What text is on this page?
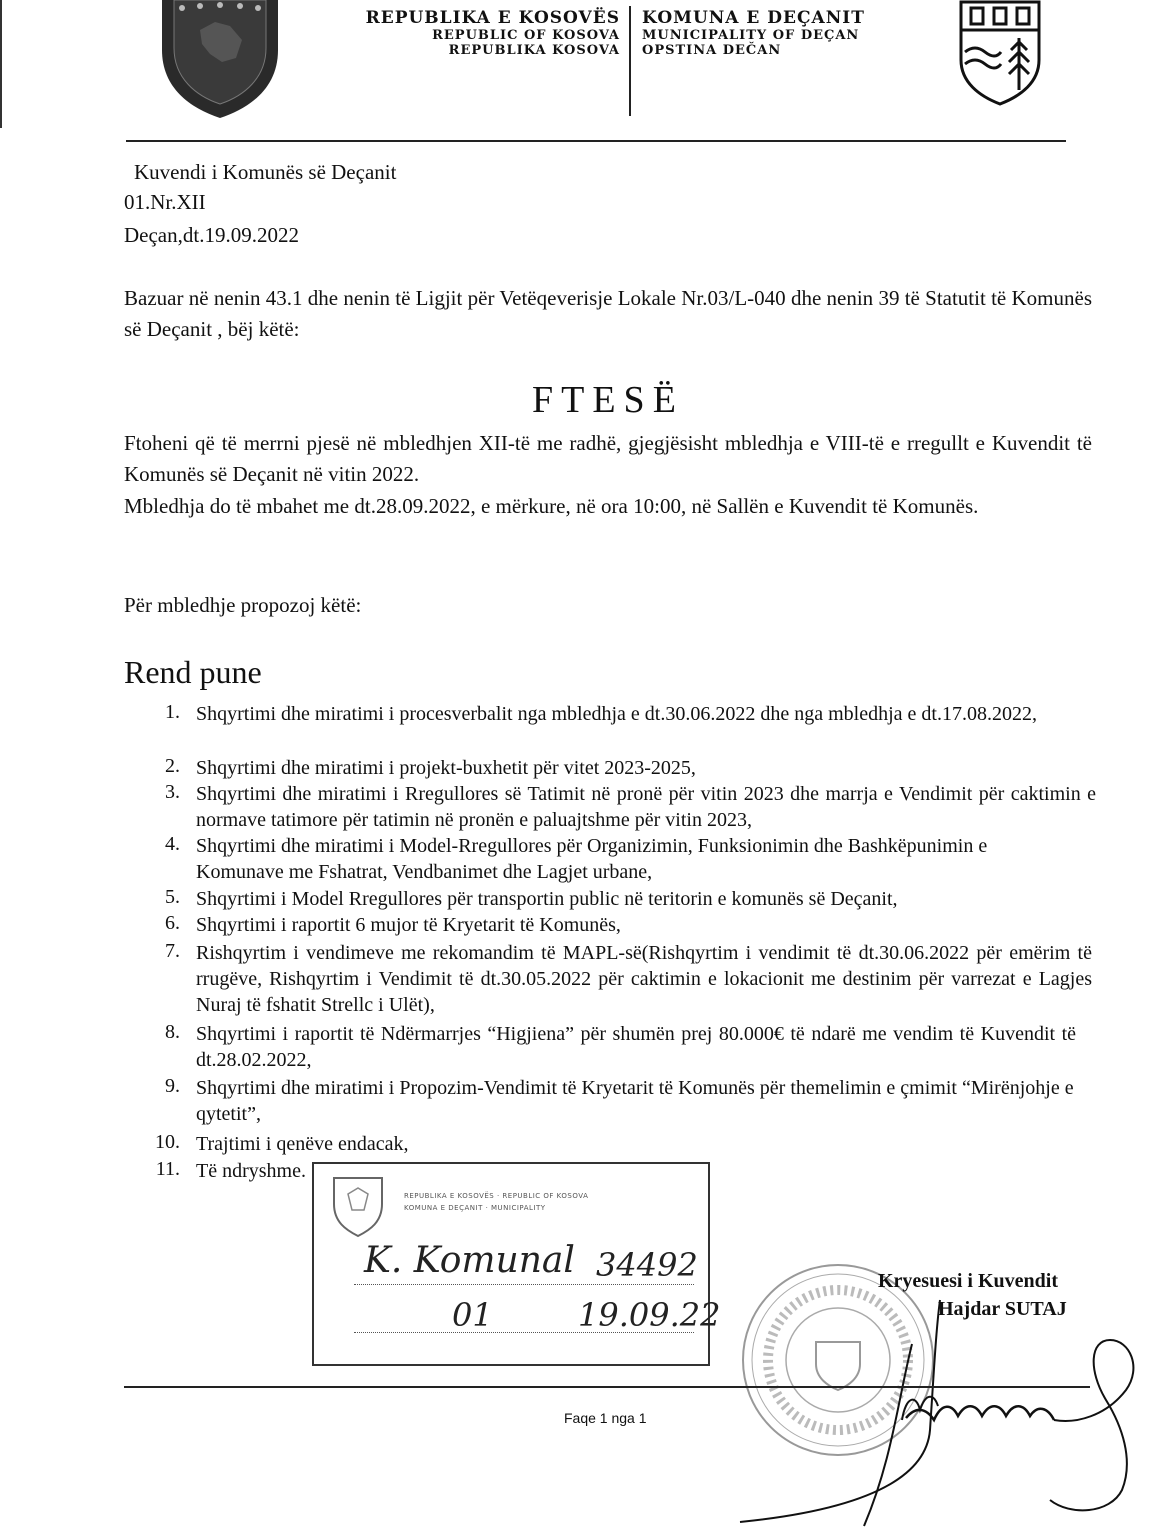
REPUBLIKA E KOSOVËS
REPUBLIC OF KOSOVA
REPUBLIKA KOSOVA
KOMUNA E DEÇANIT
MUNICIPALITY OF DEÇAN
OPSTINA DEČAN
Kuvendi i Komunës së Deçanit
01.Nr.XII
Deçan,dt.19.09.2022
Bazuar në nenin 43.1 dhe nenin të Ligjit për Vetëqeverisje Lokale Nr.03/L-040 dhe nenin 39 të Statutit të Komunës së Deçanit , bëj këtë:
FTESË
Ftoheni që të merrni pjesë në mbledhjen XII-të me radhë, gjegjësisht mbledhja e VIII-të e rregullt e Kuvendit të Komunës së Deçanit në vitin 2022.
Mbledhja do të mbahet me dt.28.09.2022, e mërkure, në ora 10:00, në Sallën e Kuvendit të Komunës.
Për mbledhje propozoj këtë:
Rend pune
1. Shqyrtimi dhe miratimi i procesverbalit nga mbledhja e dt.30.06.2022 dhe nga mbledhja e dt.17.08.2022,
2. Shqyrtimi dhe miratimi i projekt-buxhetit për vitet 2023-2025,
3. Shqyrtimi dhe miratimi i Rregullores së Tatimit në pronë për vitin 2023 dhe marrja e Vendimit për caktimin e normave tatimore për tatimin në pronën e paluajtshme për vitin 2023,
4. Shqyrtimi dhe miratimi i Model-Rregullores për Organizimin, Funksionimin dhe Bashkëpunimin e Komunave me Fshatrat, Vendbanimet dhe Lagjet urbane,
5. Shqyrtimi i Model Rregullores për transportin public në teritorin e komunës së Deçanit,
6. Shqyrtimi i raportit 6 mujor të Kryetarit të Komunës,
7. Rishqyrtim i vendimeve me rekomandim të MAPL-së(Rishqyrtim i vendimit të dt.30.06.2022 për emërim të rrugëve, Rishqyrtim i Vendimit të dt.30.05.2022 për caktimin e lokacionit me destinim për varrezat e Lagjes Nuraj të fshatit Strellc i Ulët),
8. Shqyrtimi i raportit të Ndërmarrjes “Higjiena” për shumën prej 80.000€ të ndarë me vendim të Kuvendit të dt.28.02.2022,
9. Shqyrtimi dhe miratimi i Propozim-Vendimit të Kryetarit të Komunës për themelimin e çmimit “Mirënjohje e qytetit”,
10. Trajtimi i qenëve endacak,
11. Të ndryshme.
REPUBLIKA E KOSOVËS · REPUBLIC OF KOSOVA
KOMUNA E DEÇANIT · MUNICIPALITY
K. Komunal 34492
01	19.09.22
Kryesuesi i Kuvendit
Hajdar SUTAJ
Faqe 1 nga 1
